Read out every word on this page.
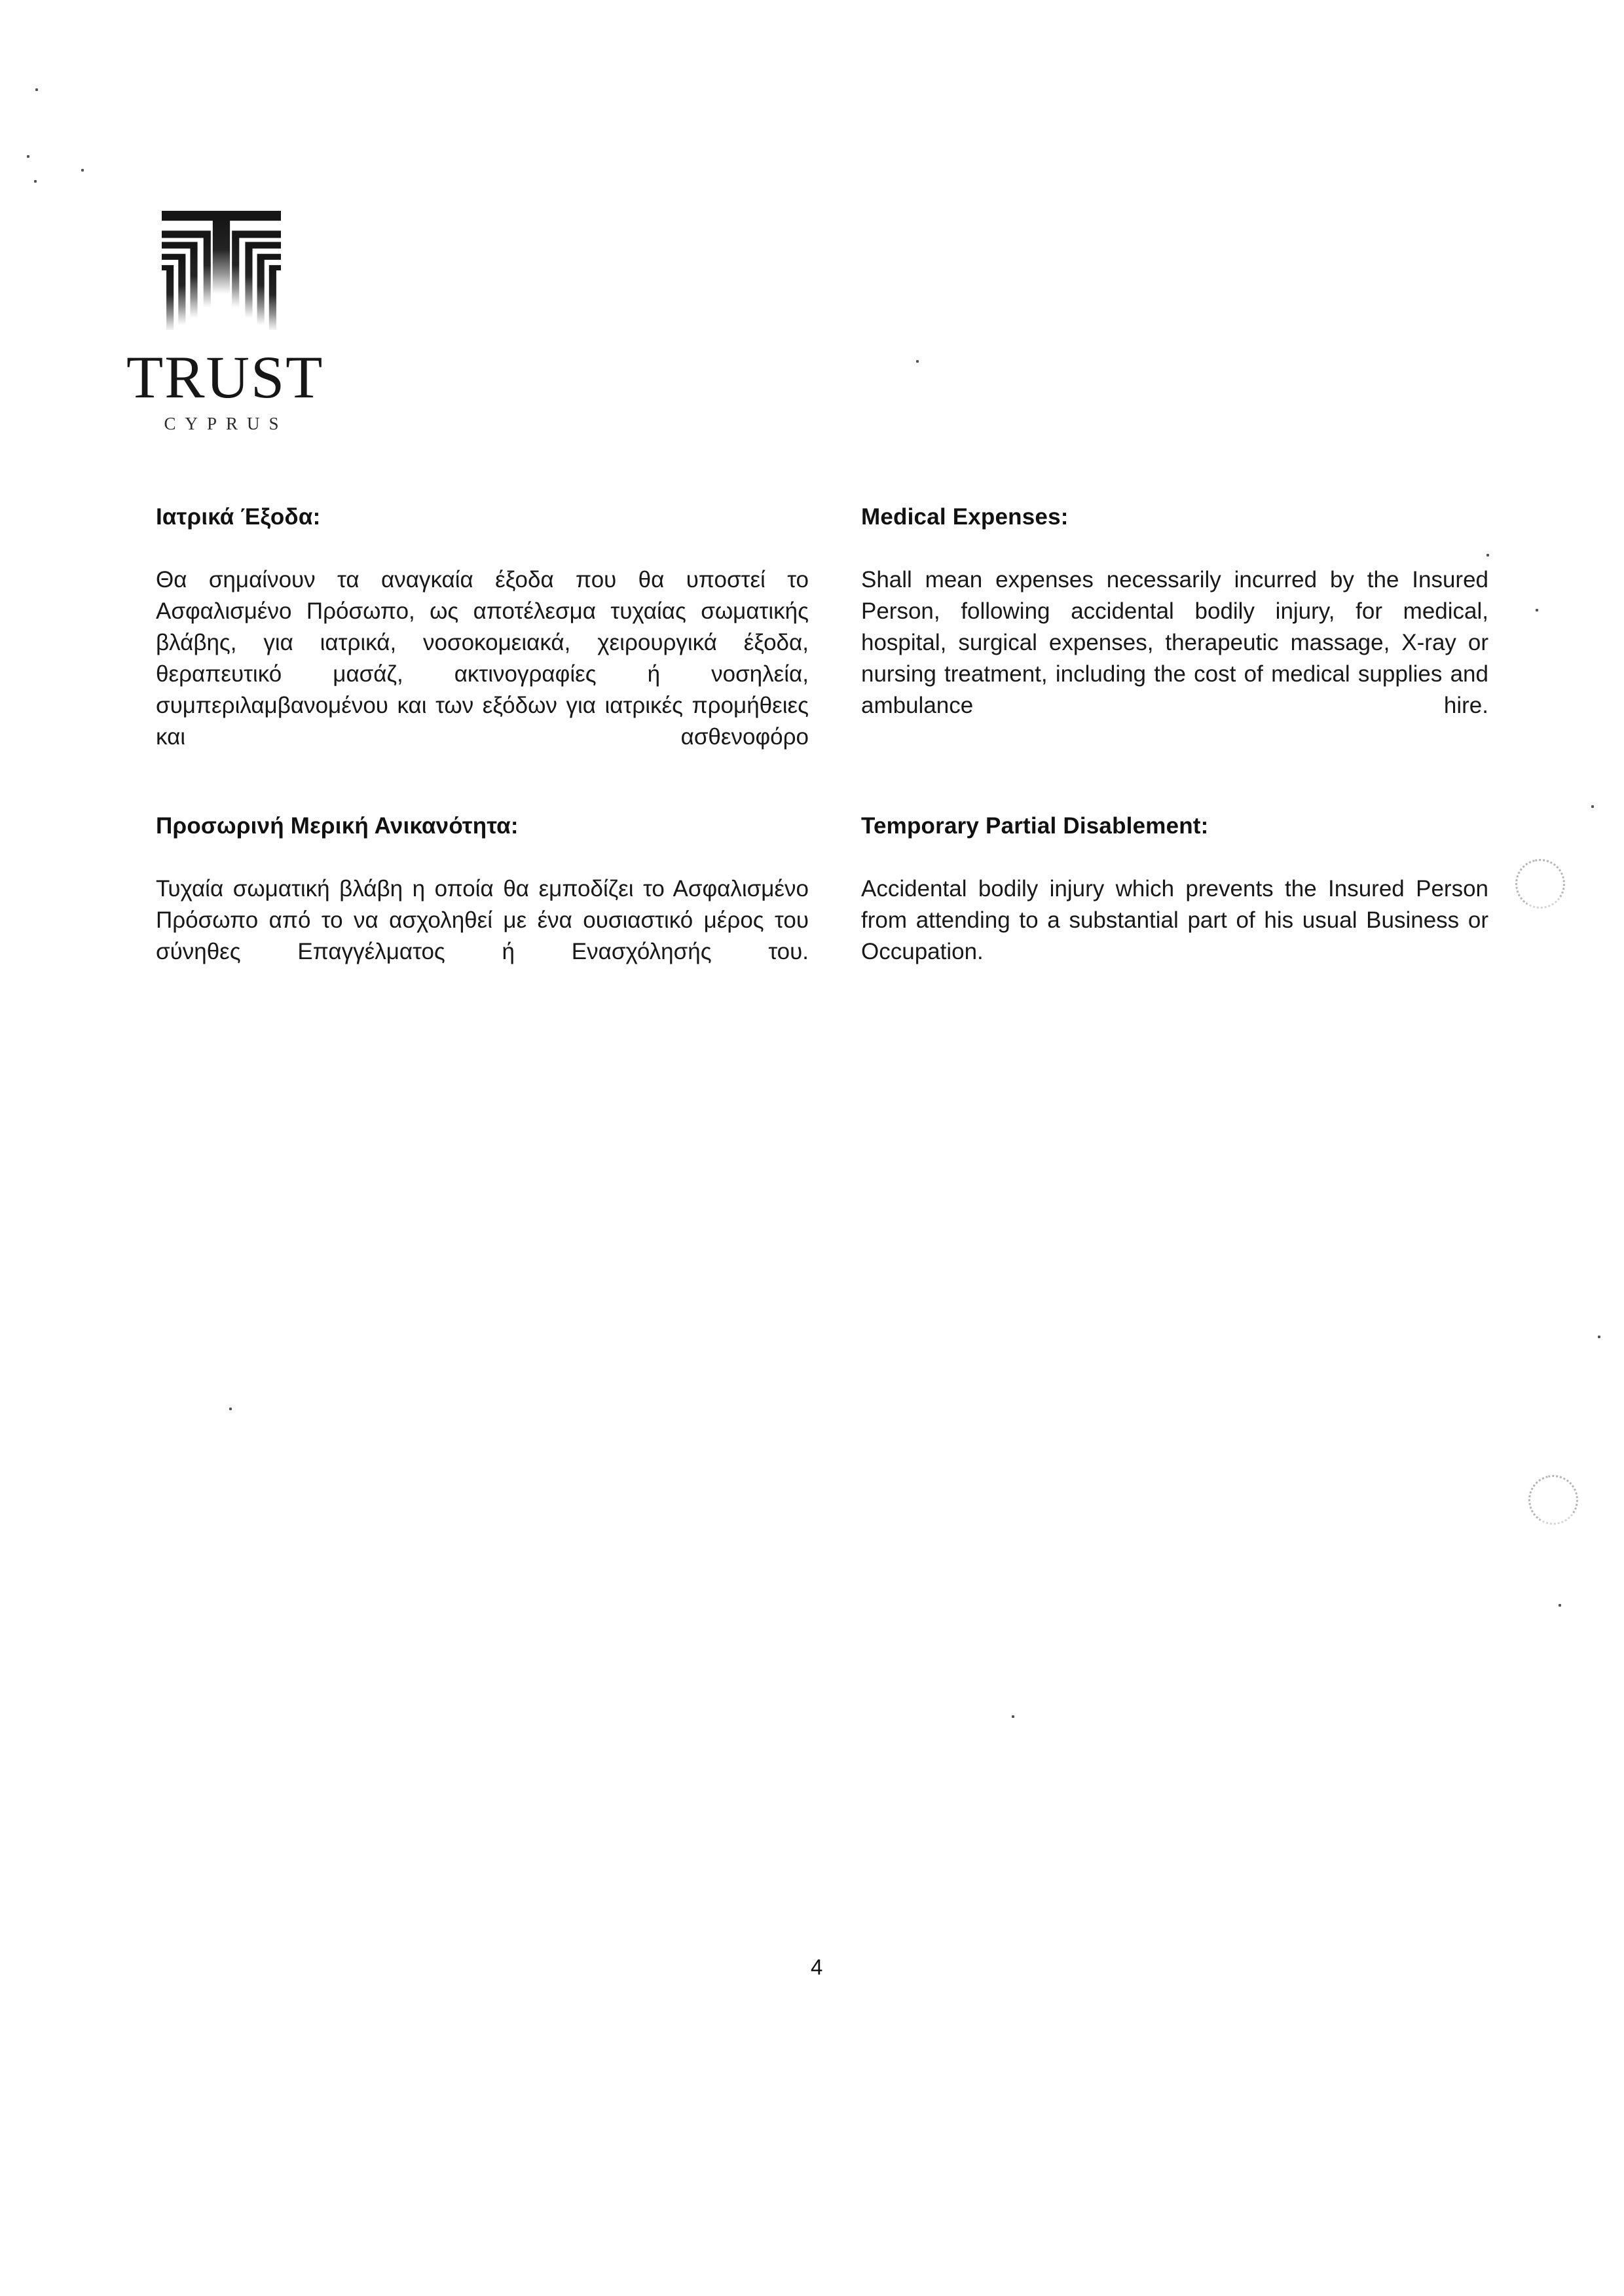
TRUST
CYPRUS
Ιατρικά Έξοδα:

Θα σημαίνουν τα αναγκαία έξοδα που θα υποστεί το Ασφαλισμένο Πρόσωπο, ως αποτέλεσμα τυχαίας σωματικής βλάβης, για ιατρικά, νοσοκομειακά, χειρουργικά έξοδα, θεραπευτικό μασάζ, ακτινογραφίες ή νοσηλεία, συμπεριλαμβανομένου και των εξόδων για ιατρικές προμήθειες και ασθενοφόρο

Medical Expenses:

Shall mean expenses necessarily incurred by the Insured Person, following accidental bodily injury, for medical, hospital, surgical expenses, therapeutic massage, X-ray or nursing treatment, including the cost of medical supplies and ambulance hire.

Προσωρινή Μερική Ανικανότητα:

Τυχαία σωματική βλάβη η οποία θα εμποδίζει το Ασφαλισμένο Πρόσωπο από το να ασχοληθεί με ένα ουσιαστικό μέρος του σύνηθες Επαγγέλματος ή Ενασχόλησής του.

Temporary Partial Disablement:

Accidental bodily injury which prevents the Insured Person from attending to a substantial part of his usual Business or Occupation.

4
